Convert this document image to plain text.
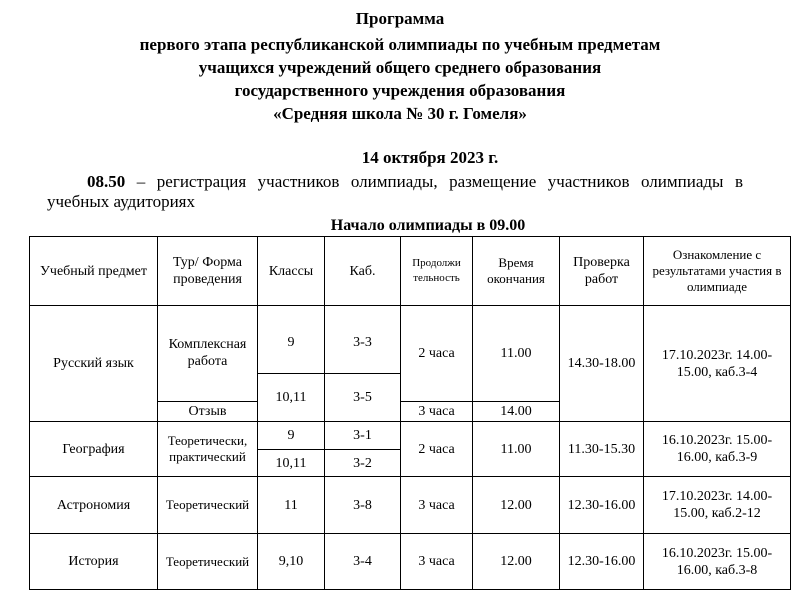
Программа
первого этапа республиканской олимпиады по учебным предметам
учащихся учреждений общего среднего образования
государственного учреждения образования
«Средняя школа № 30 г. Гомеля»
14 октября 2023 г.

08.50 – регистрация участников олимпиады, размещение участников олимпиады в учебных аудиториях

Начало олимпиады в 09.00
Учебный предмет	Тур/ Форма проведения	Классы	Каб.	Продолжи тельность	Время окончания	Проверка работ	Ознакомление с результатами участия в олимпиаде
Русский язык	Комплексная работа	9	3-3	2 часа	11.00	14.30-18.00	17.10.2023г. 14.00-15.00, каб.3-4
		10,11	3-5				
	Отзыв			3 часа	14.00		
География	Теоретически, практический	9	3-1	2 часа	11.00	11.30-15.30	16.10.2023г. 15.00-16.00, каб.3-9
		10,11	3-2				
Астрономия	Теоретический	11	3-8	3 часа	12.00	12.30-16.00	17.10.2023г. 14.00-15.00, каб.2-12
История	Теоретический	9,10	3-4	3 часа	12.00	12.30-16.00	16.10.2023г. 15.00-16.00, каб.3-8
